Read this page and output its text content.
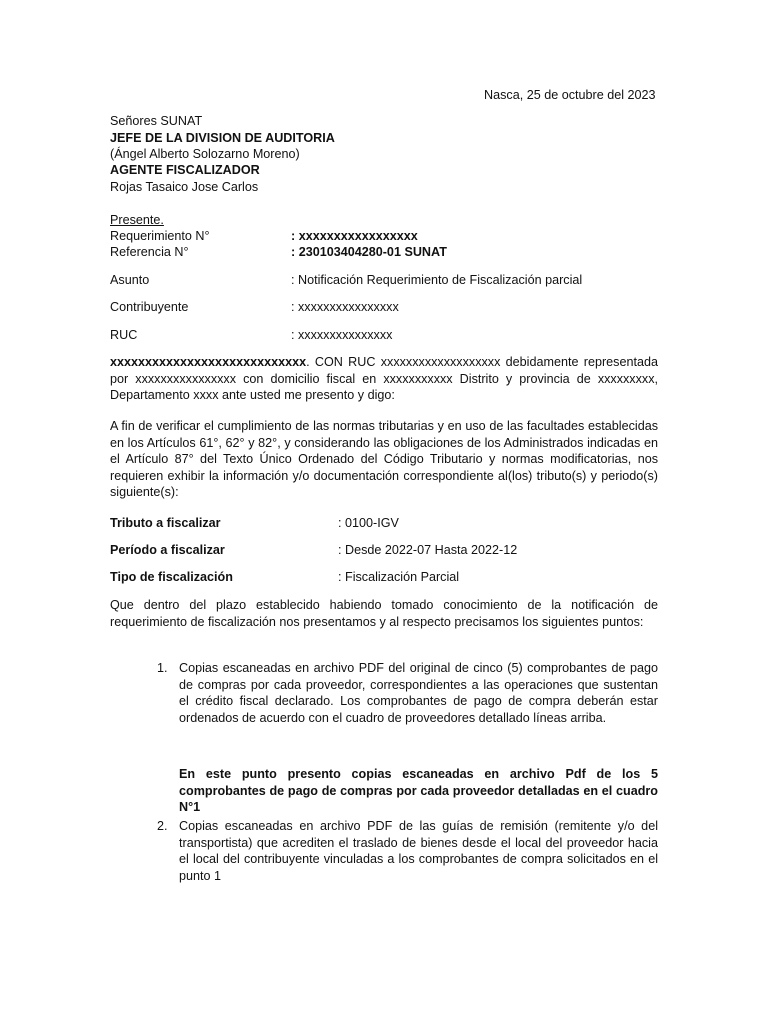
Nasca, 25 de octubre del 2023
Señores SUNAT
JEFE DE LA DIVISION DE AUDITORIA
(Ángel Alberto Solozarno Moreno)
AGENTE FISCALIZADOR
Rojas Tasaico Jose Carlos
Presente.
Requerimiento N°	: xxxxxxxxxxxxxxxxx
Referencia N°	: 230103404280-01 SUNAT
Asunto	: Notificación Requerimiento de Fiscalización parcial
Contribuyente	: xxxxxxxxxxxxxxxx
RUC	: xxxxxxxxxxxxxxx
xxxxxxxxxxxxxxxxxxxxxxxxxxxx. CON RUC xxxxxxxxxxxxxxxxxxx debidamente representada por xxxxxxxxxxxxxxxx con domicilio fiscal en xxxxxxxxxxx Distrito y provincia de xxxxxxxxx, Departamento xxxx ante usted me presento y digo:
A fin de verificar el cumplimiento de las normas tributarias y en uso de las facultades establecidas en los Artículos 61°, 62° y 82°, y considerando las obligaciones de los Administrados indicadas en el Artículo 87° del Texto Único Ordenado del Código Tributario y normas modificatorias, nos requieren exhibir la información y/o documentación correspondiente al(los) tributo(s) y periodo(s) siguiente(s):
Tributo a fiscalizar	: 0100-IGV
Período a fiscalizar	: Desde 2022-07 Hasta 2022-12
Tipo de fiscalización	: Fiscalización Parcial
Que dentro del plazo establecido habiendo tomado conocimiento de la notificación de requerimiento de fiscalización nos presentamos y al respecto precisamos los siguientes puntos:
1. Copias escaneadas en archivo PDF del original de cinco (5) comprobantes de pago de compras por cada proveedor, correspondientes a las operaciones que sustentan el crédito fiscal declarado. Los comprobantes de pago de compra deberán estar ordenados de acuerdo con el cuadro de proveedores detallado líneas arriba.
En este punto presento copias escaneadas en archivo Pdf de los 5 comprobantes de pago de compras por cada proveedor detalladas en el cuadro N°1
2. Copias escaneadas en archivo PDF de las guías de remisión (remitente y/o del transportista) que acrediten el traslado de bienes desde el local del proveedor hacia el local del contribuyente vinculadas a los comprobantes de compra solicitados en el punto 1
